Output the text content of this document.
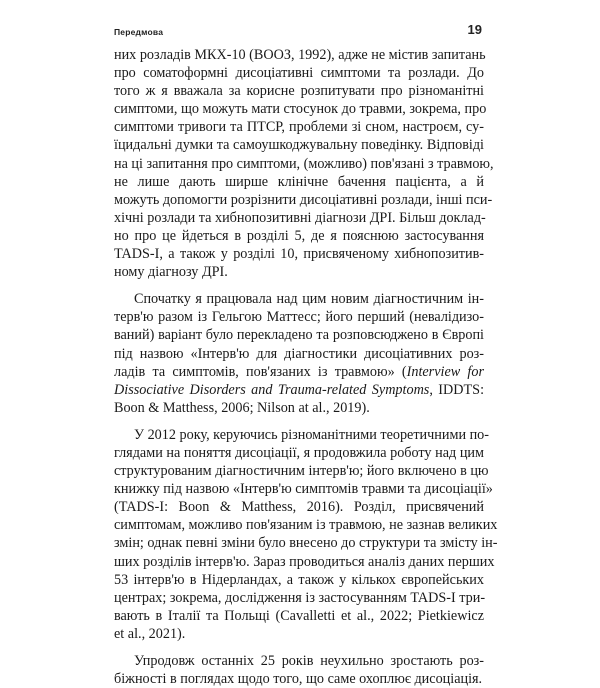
Передмова	19
них розладів МКХ-10 (ВООЗ, 1992), адже не містив запитань
про соматоформні дисоціативні симптоми та розлади. До
того ж я вважала за корисне розпитувати про різноманітні
симптоми, що можуть мати стосунок до травми, зокрема, про
симптоми тривоги та ПТСР, проблеми зі сном, настроєм, су-
їцидальні думки та самоушкоджувальну поведінку. Відповіді
на ці запитання про симптоми, (можливо) пов'язані з травмою,
не лише дають ширше клінічне бачення пацієнта, а й
можуть допомогти розрізнити дисоціативні розлади, інші пси-
хічні розлади та хибнопозитивні діагнози ДРІ. Більш доклад-
но про це йдеться в розділі 5, де я пояснюю застосування
TADS-I, а також у розділі 10, присвяченому хибнопозитив-
ному діагнозу ДРІ.
Спочатку я працювала над цим новим діагностичним ін-
терв'ю разом із Гельгою Маттесс; його перший (невалідизо-
ваний) варіант було перекладено та розповсюджено в Європі
під назвою «Інтерв'ю для діагностики дисоціативних роз-
ладів та симптомів, пов'язаних із травмою» (Interview for
Dissociative Disorders and Trauma-related Symptoms, IDDTS:
Boon & Matthess, 2006; Nilson at al., 2019).
У 2012 року, керуючись різноманітними теоретичними по-
глядами на поняття дисоціації, я продовжила роботу над цим
структурованим діагностичним інтерв'ю; його включено в цю
книжку під назвою «Інтерв'ю симптомів травми та дисоціації»
(TADS-I: Boon & Matthess, 2016). Розділ, присвячений
симптомам, можливо пов'язаним із травмою, не зазнав великих
змін; однак певні зміни було внесено до структури та змісту ін-
ших розділів інтерв'ю. Зараз проводиться аналіз даних перших
53 інтерв'ю в Нідерландах, а також у кількох європейських
центрах; зокрема, дослідження із застосуванням TADS-I три-
вають в Італії та Польщі (Cavalletti et al., 2022; Pietkiewicz
et al., 2021).
Упродовж останніх 25 років неухильно зростають роз-
біжності в поглядах щодо того, що саме охоплює дисоціація.
